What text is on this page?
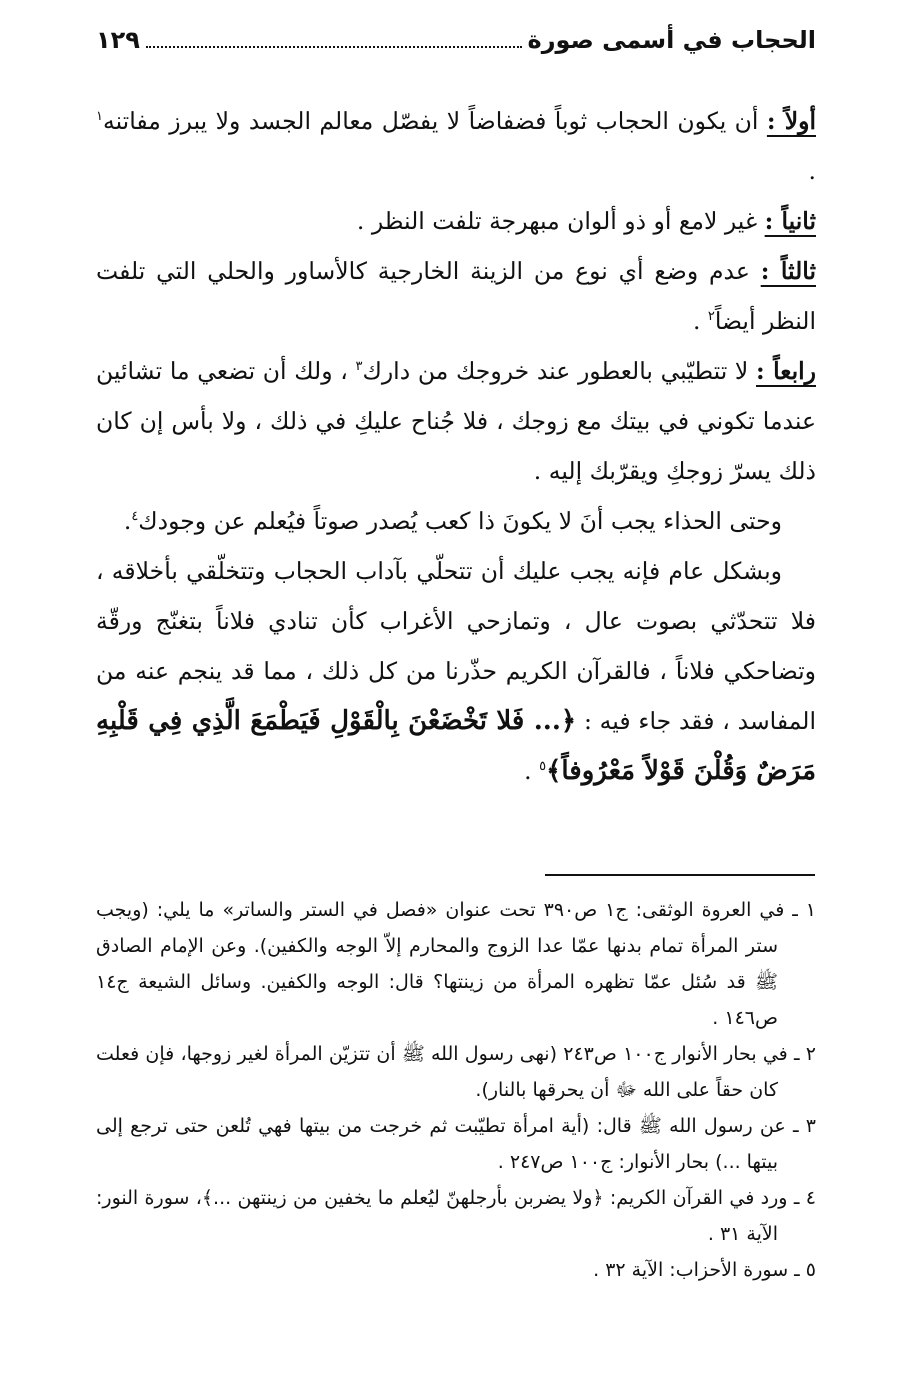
الحجاب في أسمى صورة
١٢٩

أولاً : أن يكون الحجاب ثوباً فضفاضاً لا يفصّل معالم الجسد ولا يبرز مفاتنه$^١$ .

ثانياً : غير لامع أو ذو ألوان مبهرجة تلفت النظر .

ثالثاً : عدم وضع أي نوع من الزينة الخارجية كالأساور والحلي التي تلفت النظر أيضاً$^٢$ .

رابعاً : لا تتطيّبي بالعطور عند خروجك من دارك$^٣$ ، ولك أن تضعي ما تشائين عندما تكوني في بيتك مع زوجك ، فلا جُناح عليكِ في ذلك ، ولا بأس إن كان ذلك يسرّ زوجكِ ويقرّبك إليه .

وحتى الحذاء يجب أنَ لا يكونَ ذا كعب يُصدر صوتاً فيُعلم عن وجودك$^٤$.

وبشكل عام فإنه يجب عليك أن تتحلّي بآداب الحجاب وتتخلّقي بأخلاقه ، فلا تتحدّثي بصوت عال ، وتمازحي الأغراب كأن تنادي فلاناً بتغنّج ورقّة وتضاحكي فلاناً ، فالقرآن الكريم حذّرنا من كل ذلك ، مما قد ينجم عنه من المفاسد ، فقد جاء فيه : ﴿... فَلا تَخْضَعْنَ بِالْقَوْلِ فَيَطْمَعَ الَّذِي فِي قَلْبِهِ مَرَضٌ وَقُلْنَ قَوْلاً مَعْرُوفاً﴾$^٥$ .

١ ـ في العروة الوثقى: ج١ ص٣٩٠ تحت عنوان «فصل في الستر والساتر» ما يلي: (ويجب ستر المرأة تمام بدنها عمّا عدا الزوج والمحارم إلاّ الوجه والكفين). وعن الإمام الصادق ﷺ قد سُئل عمّا تظهره المرأة من زينتها؟ قال: الوجه والكفين. وسائل الشيعة ج١٤ ص١٤٦ .

٢ ـ في بحار الأنوار ج١٠٠ ص٢٤٣ (نهى رسول الله ﷺ أن تتزيّن المرأة لغير زوجها، فإن فعلت كان حقاً على الله ﷻ أن يحرقها بالنار).

٣ ـ عن رسول الله ﷺ قال: (أية امرأة تطيّبت ثم خرجت من بيتها فهي تُلعن حتى ترجع إلى بيتها ...) بحار الأنوار: ج١٠٠ ص٢٤٧ .

٤ ـ ورد في القرآن الكريم: ﴿ولا يضربن بأرجلهنّ ليُعلم ما يخفين من زينتهن ...﴾، سورة النور: الآية ٣١ .

٥ ـ سورة الأحزاب: الآية ٣٢ .
